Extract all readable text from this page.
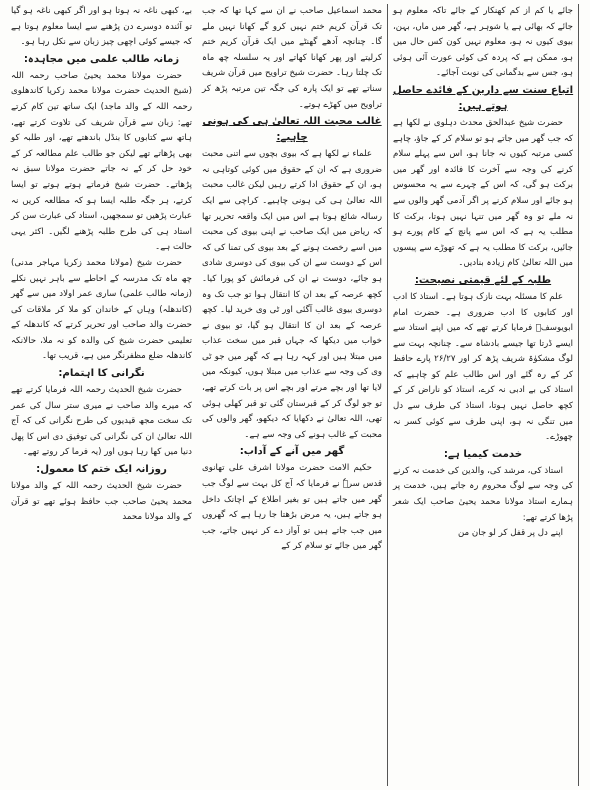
بے، کبھی ناغہ نہ ہوتا ہو اور اگر کبھی ناغہ ہو گیا تو آئندہ دوسرے دن پڑھنے سے ایسا معلوم ہوتا ہے کہ جیسے کوئی اچھی چیز زبان سے نکل رہا ہو۔

زمانہ طالب علمی میں مجاہدہ:

حضرت مولانا محمد یحییٰ صاحب رحمہ اللہ (شیخ الحدیث حضرت مولانا محمد زکریا کاندھلوی رحمہ اللہ کے والد ماجد) ایک ساتھ تین کام کرتے تھے: زبان سے قرآن شریف کی تلاوت کرتے تھے، ہاتھ سے کتابوں کا بنڈل باندھتے تھے، اور طلبہ کو بھی پڑھاتے تھے لیکن جو طالب علم مطالعہ کر کے خود حل کر کے نہ جاتے حضرت مولانا سبق نہ پڑھاتے۔ حضرت شیخ فرماتے ہوتے ہوتے تو ایسا کرتے، ہر جگہ طلبہ ایسا ہو کہ مطالعہ کریں نہ عبارت پڑھیں تو سمجھیں، استاد کی عبارت سن کر استاد ہی کی طرح طلبہ پڑھنے لگیں۔ اکثر یہی حالت ہے۔

حضرت شیخ (مولانا محمد زکریا مہاجر مدنی) چھ ماہ تک مدرسہ کے احاطے سے باہر نہیں نکلے (زمانہ طالب علمی) ساری عمر اولاد میں سے گھر (کاندھلہ) وہاں کے خاندان کو ملا کر ملاقات کی حضرت والد صاحب اور تحریر کرتے کہ کاندھلہ کے تعلیمی حضرت شیخ کی والدہ کو نہ ملا، حالانکہ کاندھلہ ضلع مظفرنگر میں ہے، قریب تھا۔

نگرانی کا اہتمام:

حضرت شیخ الحدیث رحمہ اللہ فرمایا کرتے تھے کہ میرے والد صاحب نے میری ستر سال کی عمر تک سخت مجھ قیدیوں کی طرح نگرانی کی کہ آج اللہ تعالیٰ ان کی نگرانی کی توفیق دی اس کا پھل دنیا میں کھا رہا ہوں اور (یہ فرما کر روتے تھے۔

روزانہ ایک ختم کا معمول:

حضرت شیخ الحدیث رحمہ اللہ کے والد مولانا محمد یحییٰ صاحب جب حافظ ہوئے تھے تو قرآن کے والد مولانا محمد

محمد اسماعیل صاحب نے ان سے کہا تھا کہ جب تک قرآن کریم ختم نہیں کرو گے کھانا نہیں ملے گا۔ چنانچہ آدھے گھنٹے میں ایک قرآن کریم ختم کرلیتے اور پھر کھانا کھاتے اور یہ سلسلہ چھ ماہ تک چلتا رہا۔ حضرت شیخ تراویح میں قرآن شریف سناتے تھے تو ایک پارہ کی جگہ تین مرتبہ پڑھ کر تراویح میں کھڑے ہوتے۔

غالب محبت اللہ تعالیٰ ہی کی ہونی چاہیے:

علماء نے لکھا ہے کہ بیوی بچوں سے اتنی محبت ضروری ہے کہ ان کے حقوق میں کوئی کوتاہی نہ ہو، ان کے حقوق ادا کرتے رہیں لیکن غالب محبت اللہ تعالیٰ ہی کی ہونی چاہیے۔ کراچی سے ایک رسالہ شائع ہوتا ہے اس میں ایک واقعہ تحریر تھا کہ ریاض میں ایک صاحب نے اپنی بیوی کی محبت میں اسے رخصت ہونے کے بعد بیوی کی تمنا کی کہ اس کے دوست سے ان کی بیوی کی دوسری شادی ہو جائے، دوست نے ان کی فرمائش کو پورا کیا۔ کچھ عرصہ کے بعد ان کا انتقال ہوا تو جب تک وہ دوسری بیوی غالب آگئی اور ٹی وی خرید لیا۔ کچھ عرصہ کے بعد ان کا انتقال ہو گیا، تو بیوی نے خواب میں دیکھا کہ جہاں قبر میں سخت عذاب میں مبتلا ہیں اور کہہ رہا ہے کہ گھر میں جو ٹی وی کی وجہ سے عذاب میں مبتلا ہوں، کیونکہ میں لایا تھا اور بچے مرتے اور بچے اس پر بات کرتے تھے، تو جو لوگ کر کے قبرستان گئی تو قبر کھلی ہوئی تھی، اللہ تعالیٰ نے دکھایا کہ دیکھو، گھر والوں کی محبت کے غالب ہونے کی وجہ سے ہے۔

گھر میں آنے کے آداب:

حکیم الامت حضرت مولانا اشرف علی تھانوی قدس سرہٗ نے فرمایا کہ آج کل بہت سے لوگ جب گھر میں جاتے ہیں تو بغیر اطلاع کے اچانک داخل ہو جاتے ہیں، یہ مرض بڑھتا جا رہا ہے کہ گھروں میں جب جاتے ہیں تو آواز دے کر نہیں جاتے، جب گھر میں جائے تو سلام کر کے

جائے یا کم از کم کھنکار کے جائے تاکہ معلوم ہو جائے کہ بھائی ہے یا شوہر ہے، گھر میں ماں، بہن، بیوی کیوں نہ ہو، معلوم نہیں کون کس حال میں ہو، ممکن ہے کہ پردہ کی کوئی عورت آئی ہوئی ہو، جس سے بدگمانی کی نوبت آجائے۔

اتباع سنت سے دارین کے فائدے حاصل ہوتے ہیں:

حضرت شیخ عبدالحق محدث دہلوی نے لکھا ہے کہ جب گھر میں جاتے ہو تو سلام کر کے جاؤ، چاہے کسی مرتبہ کیوں نہ جانا ہو، اس سے پہلے سلام کرنے کی وجہ سے آخرت کا فائدہ اور گھر میں برکت ہو گی، کہ اس کے چہرے سے یہ محسوس ہو جائے اور سلام کرنے پر اگر آدمی گھر والوں سے نہ ملے تو وہ گھر میں تنہا نہیں ہوتا، برکت کا مطلب یہ ہے کہ اس سے پانچ کے کام پورے ہو جائیں، برکت کا مطلب یہ ہے کہ تھوڑے سے پیسوں میں اللہ تعالیٰ کام زیادہ بنادیں۔

طلبہ کے لئے قیمتی نصیحت:

علم کا مسئلہ بہت نازک ہوتا ہے۔ استاذ کا ادب اور کتابوں کا ادب ضروری ہے۔ حضرت امام ابویوسفؒ فرمایا کرتے تھے کہ میں اپنے استاذ سے ایسے ڈرتا تھا جیسے بادشاہ سے۔ چنانچہ بہت سے لوگ مشکوٰۃ شریف پڑھ کر اور ۲۶/۲۷ پارے حافظ کر کے رہ گئے اور اس طالب علم کو چاہیے کہ استاذ کی بے ادبی نہ کرے، استاذ کو ناراض کر کے کچھ حاصل نہیں ہوتا، استاذ کی طرف سے دل میں تنگی نہ ہو، اپنی طرف سے کوئی کسر نہ چھوڑے۔

خدمت کیمیا ہے:

استاذ کی، مرشد کی، والدین کی خدمت نہ کرنے کی وجہ سے لوگ محروم رہ جاتے ہیں، خدمت پر ہمارے استاذ مولانا محمد یحییٰ صاحب ایک شعر پڑھا کرتے تھے:

اپنے دل پر قفل کر لو جان من
